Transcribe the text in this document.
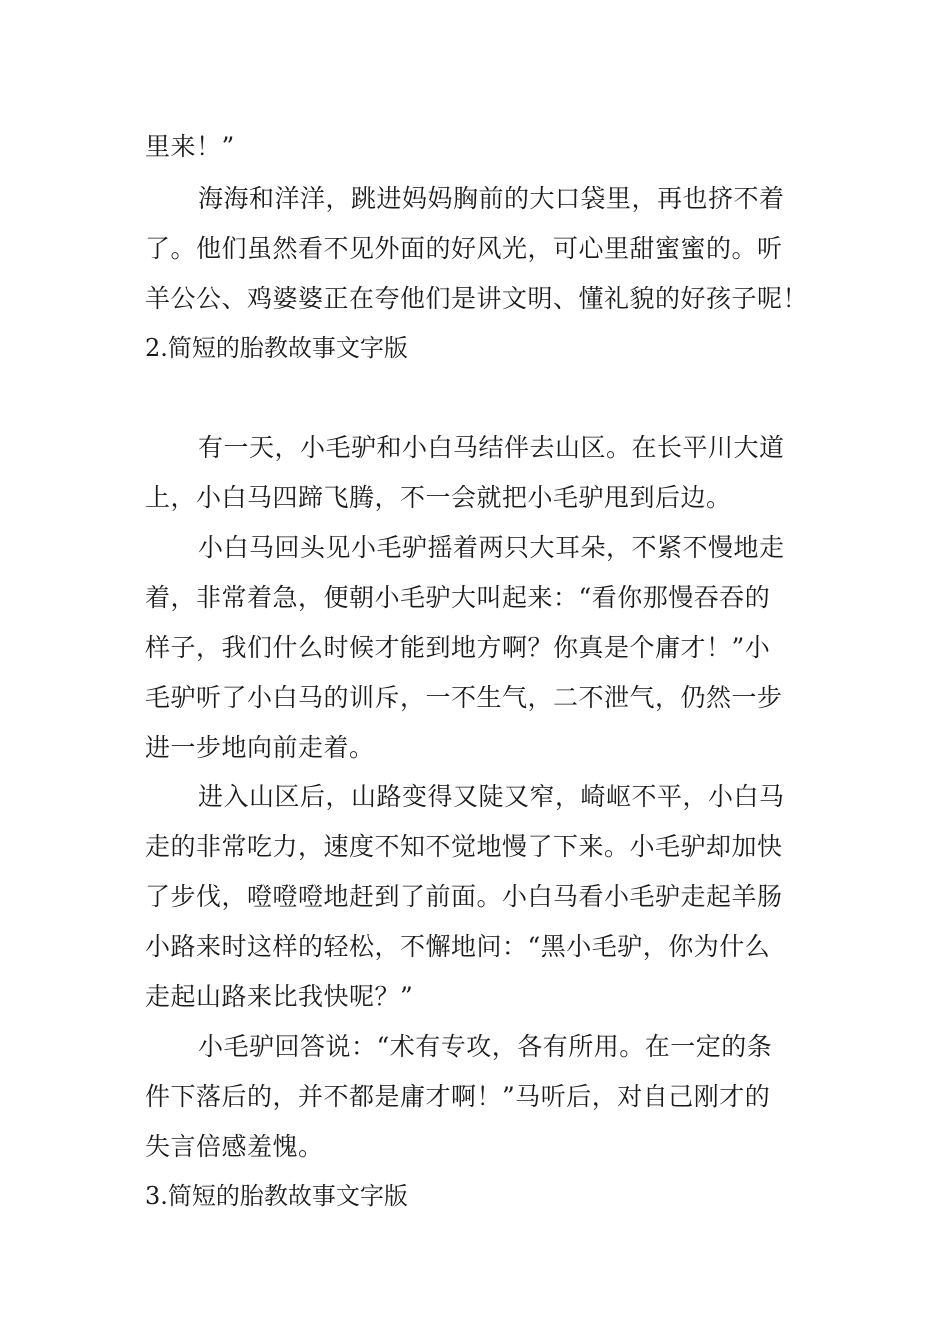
里来！”
海海和洋洋，跳进妈妈胸前的大口袋里，再也挤不着
了。他们虽然看不见外面的好风光，可心里甜蜜蜜的。听
羊公公、鸡婆婆正在夸他们是讲文明、懂礼貌的好孩子呢！
2.简短的胎教故事文字版
有一天，小毛驴和小白马结伴去山区。在长平川大道
上，小白马四蹄飞腾，不一会就把小毛驴甩到后边。
小白马回头见小毛驴摇着两只大耳朵，不紧不慢地走
着，非常着急，便朝小毛驴大叫起来：“看你那慢吞吞的
样子，我们什么时候才能到地方啊？你真是个庸才！”小
毛驴听了小白马的训斥，一不生气，二不泄气，仍然一步
进一步地向前走着。
进入山区后，山路变得又陡又窄，崎岖不平，小白马
走的非常吃力，速度不知不觉地慢了下来。小毛驴却加快
了步伐，噔噔噔地赶到了前面。小白马看小毛驴走起羊肠
小路来时这样的轻松，不懈地问：“黑小毛驴，你为什么
走起山路来比我快呢？”
小毛驴回答说：“术有专攻，各有所用。在一定的条
件下落后的，并不都是庸才啊！”马听后，对自己刚才的
失言倍感羞愧。
3.简短的胎教故事文字版
